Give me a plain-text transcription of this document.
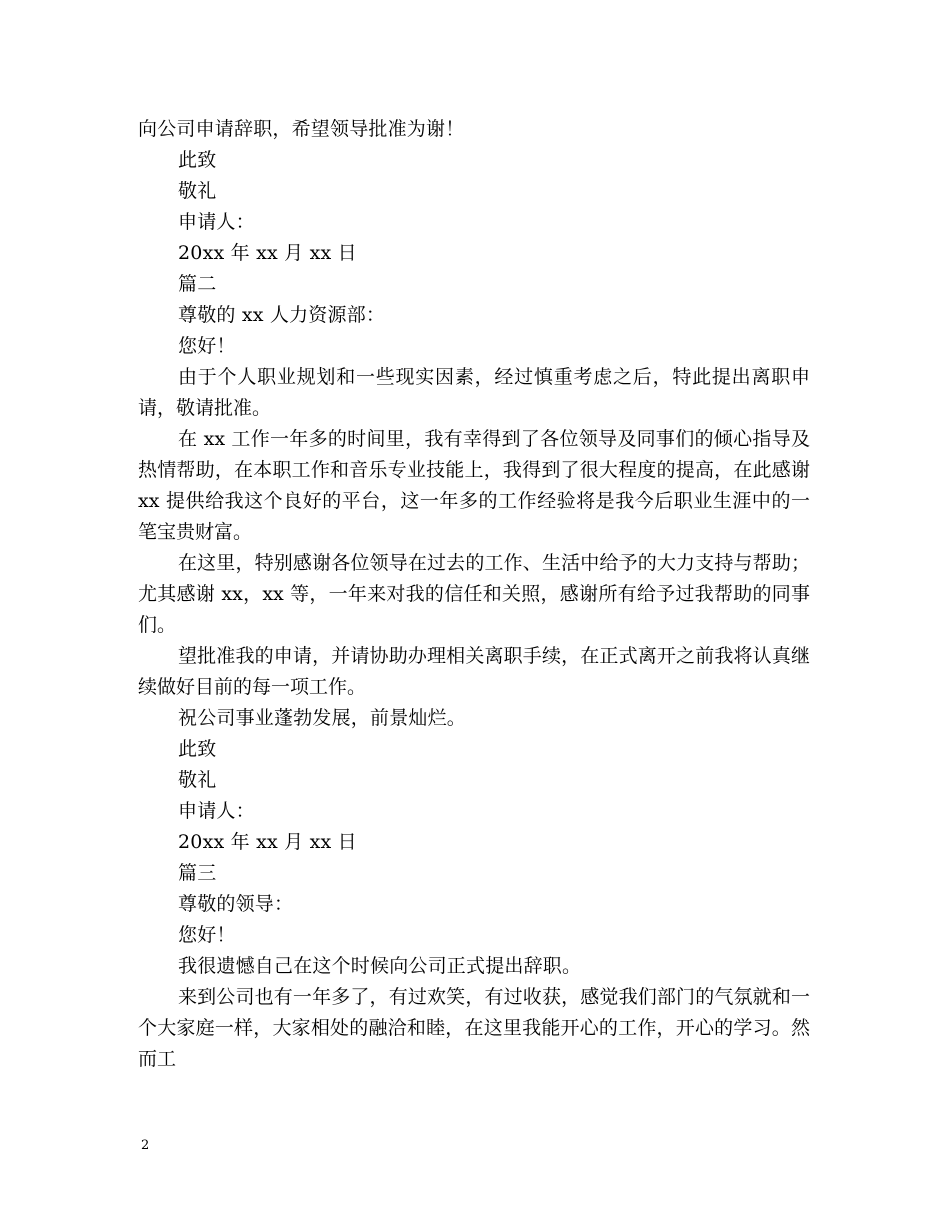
向公司申请辞职，希望领导批准为谢！
此致
敬礼
申请人：
20xx 年 xx 月 xx 日
篇二
尊敬的 xx 人力资源部：
您好！

由于个人职业规划和一些现实因素，经过慎重考虑之后，特此提出离职申请，敬请批准。

在 xx 工作一年多的时间里，我有幸得到了各位领导及同事们的倾心指导及热情帮助，在本职工作和音乐专业技能上，我得到了很大程度的提高，在此感谢 xx 提供给我这个良好的平台，这一年多的工作经验将是我今后职业生涯中的一笔宝贵财富。

在这里，特别感谢各位领导在过去的工作、生活中给予的大力支持与帮助；尤其感谢 xx，xx 等，一年来对我的信任和关照，感谢所有给予过我帮助的同事们。

望批准我的申请，并请协助办理相关离职手续，在正式离开之前我将认真继续做好目前的每一项工作。

祝公司事业蓬勃发展，前景灿烂。
此致
敬礼
申请人：
20xx 年 xx 月 xx 日
篇三
尊敬的领导：
您好！
我很遗憾自己在这个时候向公司正式提出辞职。

来到公司也有一年多了，有过欢笑，有过收获，感觉我们部门的气氛就和一个大家庭一样，大家相处的融洽和睦，在这里我能开心的工作，开心的学习。然而工

2
